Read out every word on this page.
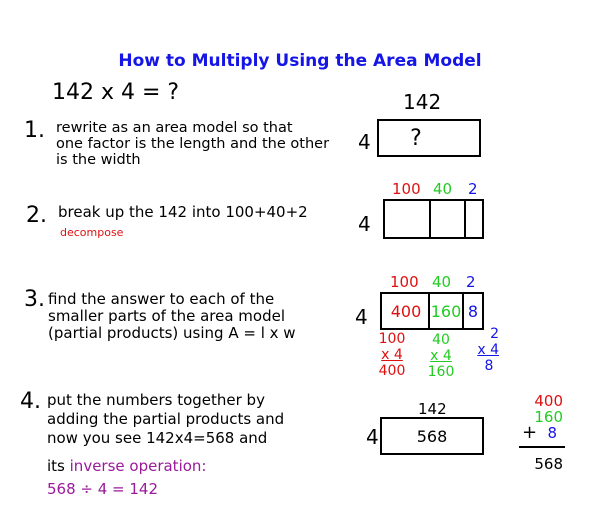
How to Multiply Using the Area Model
142 x 4 = ?
1. rewrite as an area model so that
one factor is the length and the other
is the width
142
4	?
2. break up the 142 into 100+40+2
decompose
100 40 2
4
3. find the answer to each of the
smaller parts of the area model
(partial products) using A = l x w
100 40 2
4	400 160 8
100
x 4
400
40
x 4
160
2
x 4
8
4. put the numbers together by
adding the partial products and
now you see 142x4=568 and
its inverse operation:
568 ÷ 4 = 142
142
4	568
400
160
+ 8
568
